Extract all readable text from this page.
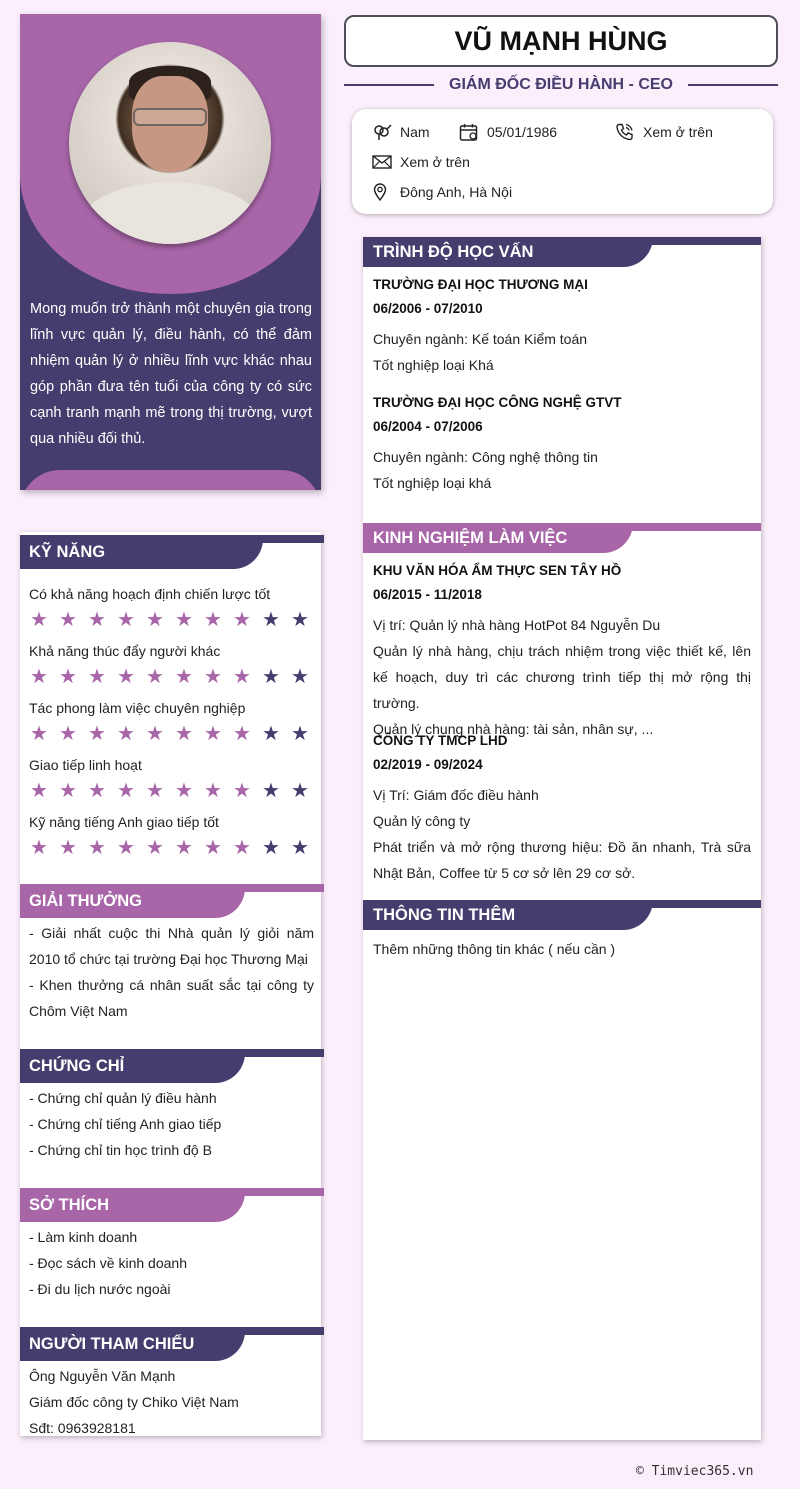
Mong muốn trở thành một chuyên gia trong lĩnh vực quản lý, điều hành, có thể đảm nhiệm quản lý ở nhiều lĩnh vực khác nhau góp phần đưa tên tuổi của công ty có sức cạnh tranh mạnh mẽ trong thị trường, vượt qua nhiều đối thủ.
KỸ NĂNG
Có khả năng hoạch định chiến lược tốt
★ ★ ★ ★ ★ ★ ★ ★ ★ ★
Khả năng thúc đẩy người khác
★ ★ ★ ★ ★ ★ ★ ★ ★ ★
Tác phong làm việc chuyên nghiệp
★ ★ ★ ★ ★ ★ ★ ★ ★ ★
Giao tiếp linh hoạt
★ ★ ★ ★ ★ ★ ★ ★ ★ ★
Kỹ năng tiếng Anh giao tiếp tốt
★ ★ ★ ★ ★ ★ ★ ★ ★ ★
GIẢI THƯỞNG
- Giải nhất cuộc thi Nhà quản lý giỏi năm 2010 tổ chức tại trường Đại học Thương Mại
- Khen thưởng cá nhân suất sắc tại công ty Chôm Việt Nam
CHỨNG CHỈ
- Chứng chỉ quản lý điều hành
- Chứng chỉ tiếng Anh giao tiếp
- Chứng chỉ tin học trình độ B
SỞ THÍCH
- Làm kinh doanh
- Đọc sách về kinh doanh
- Đi du lịch nước ngoài
NGƯỜI THAM CHIẾU
Ông Nguyễn Văn Mạnh
Giám đốc công ty Chiko Việt Nam
Sđt: 0963928181
VŨ MẠNH HÙNG
GIÁM ĐỐC ĐIỀU HÀNH - CEO
Nam	05/01/1986	Xem ở trên
Xem ở trên
Đông Anh, Hà Nội
TRÌNH ĐỘ HỌC VẤN
TRƯỜNG ĐẠI HỌC THƯƠNG MẠI
06/2006 - 07/2010
Chuyên ngành: Kế toán Kiểm toán
Tốt nghiệp loại Khá
TRƯỜNG ĐẠI HỌC CÔNG NGHỆ GTVT
06/2004 - 07/2006
Chuyên ngành: Công nghệ thông tin
Tốt nghiệp loại khá
KINH NGHIỆM LÀM VIỆC
KHU VĂN HÓA ẨM THỰC SEN TÂY HỒ
06/2015 - 11/2018
Vị trí: Quản lý nhà hàng HotPot 84 Nguyễn Du
Quản lý nhà hàng, chịu trách nhiệm trong việc thiết kế, lên kế hoạch, duy trì các chương trình tiếp thị mở rộng thị trường.
Quản lý chung nhà hàng: tài sản, nhân sự, ...
CÔNG TY TMCP LHD
02/2019 - 09/2024
Vị Trí: Giám đốc điều hành
Quản lý công ty
Phát triển và mở rộng thương hiệu: Đồ ăn nhanh, Trà sữa Nhật Bản, Coffee từ 5 cơ sở lên 29 cơ sở.
THÔNG TIN THÊM
Thêm những thông tin khác ( nếu cần )
© Timviec365.vn
